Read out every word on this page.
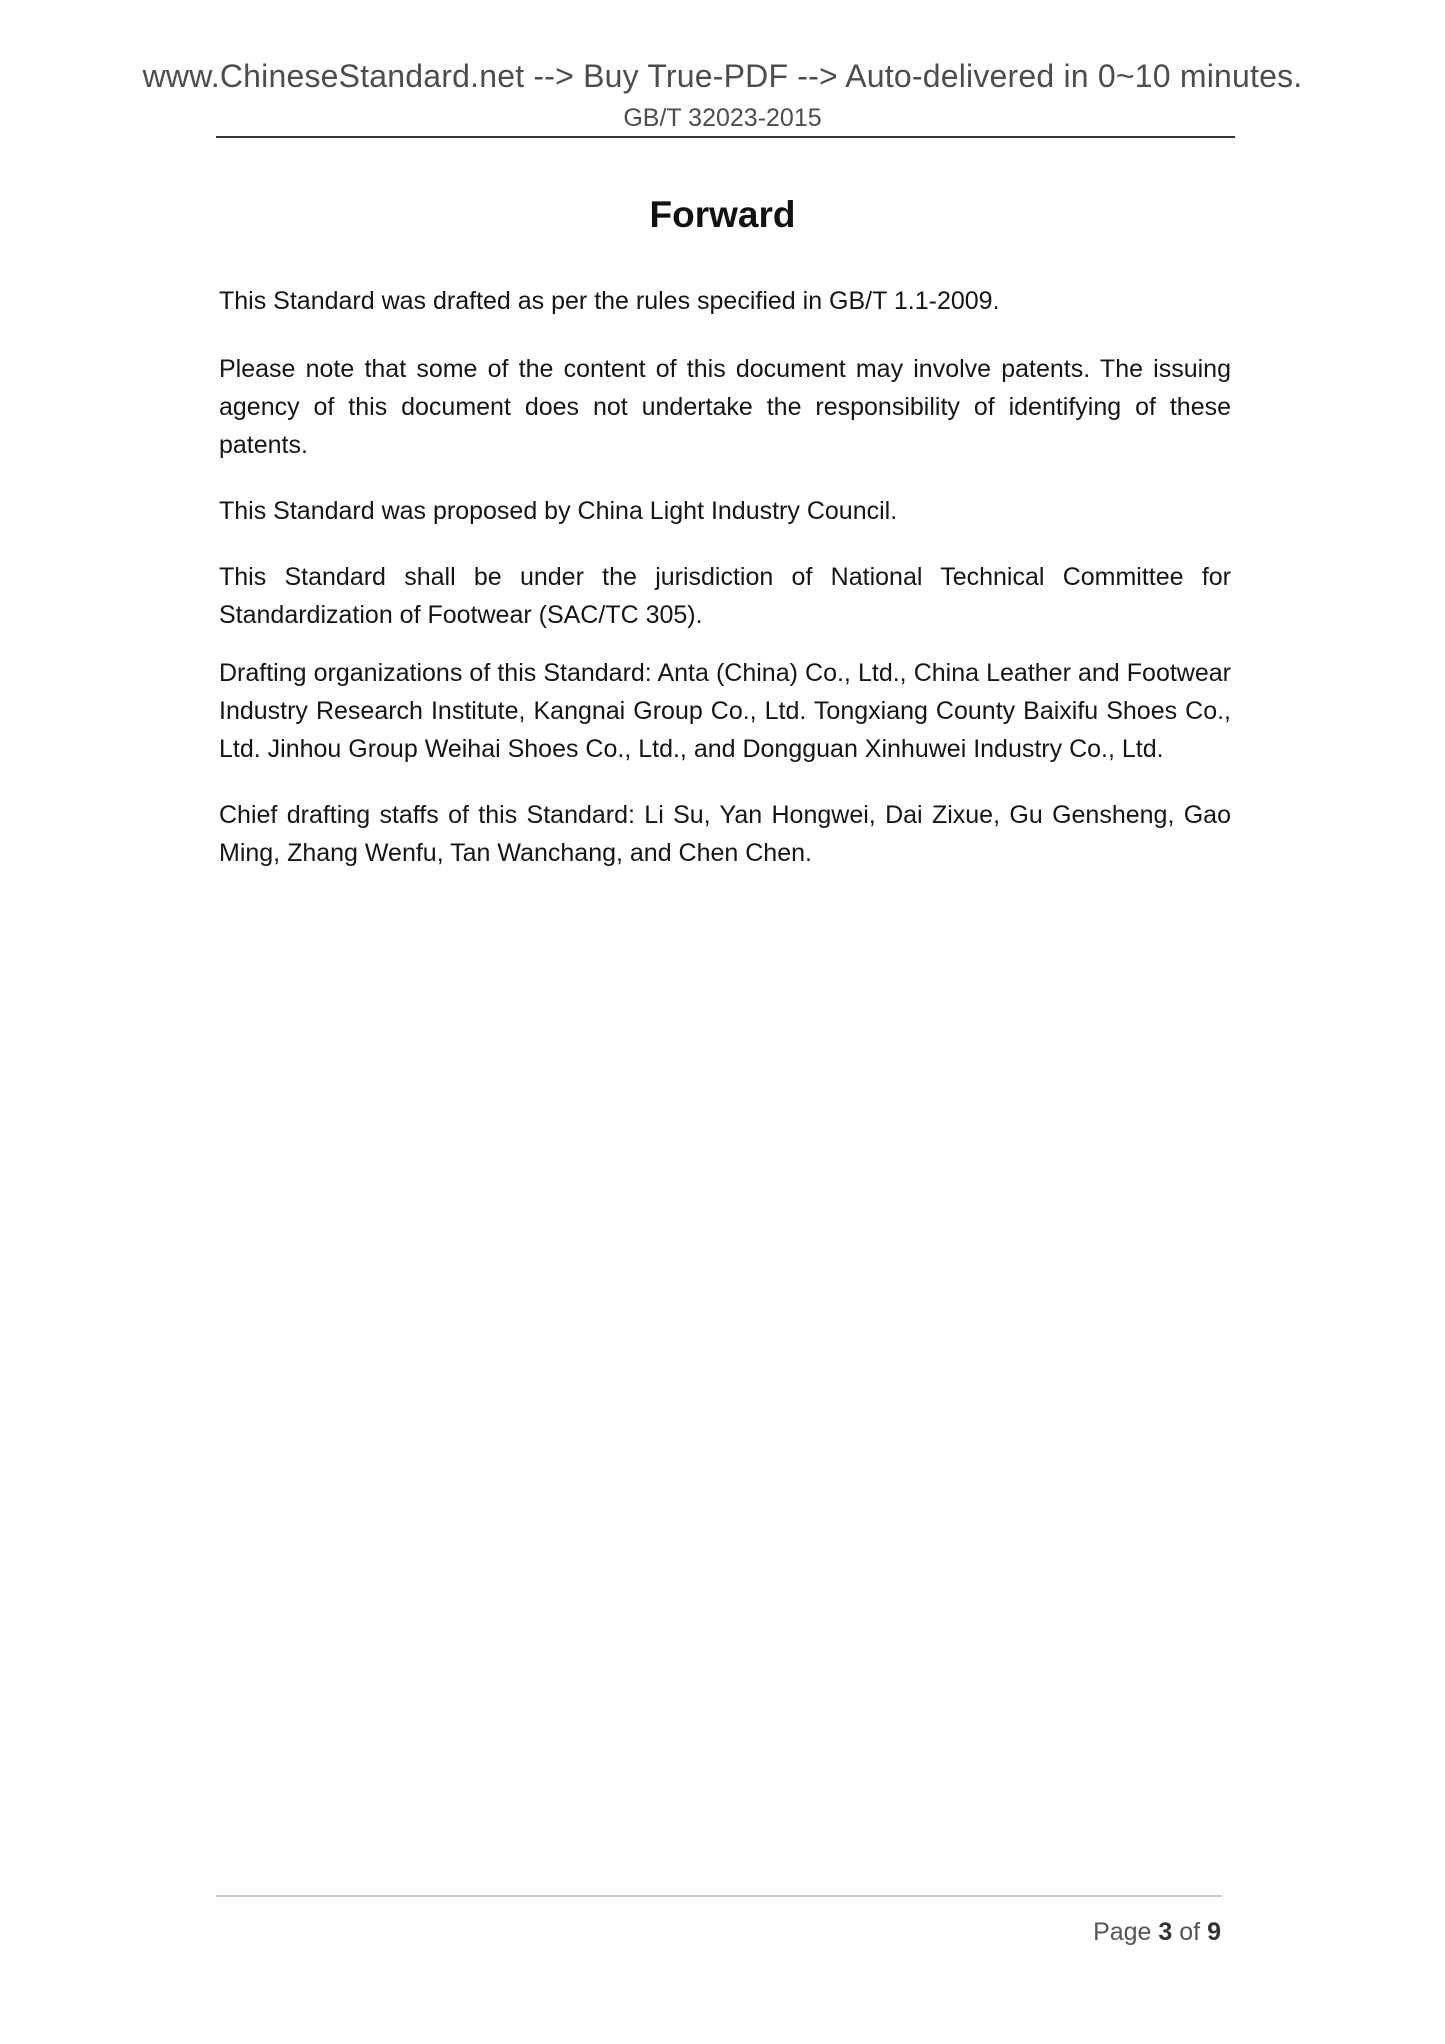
www.ChineseStandard.net --> Buy True-PDF --> Auto-delivered in 0~10 minutes.
GB/T 32023-2015
Forward

This Standard was drafted as per the rules specified in GB/T 1.1-2009.

Please note that some of the content of this document may involve patents. The issuing agency of this document does not undertake the responsibility of identifying of these patents.

This Standard was proposed by China Light Industry Council.

This Standard shall be under the jurisdiction of National Technical Committee for Standardization of Footwear (SAC/TC 305).

Drafting organizations of this Standard: Anta (China) Co., Ltd., China Leather and Footwear Industry Research Institute, Kangnai Group Co., Ltd. Tongxiang County Baixifu Shoes Co., Ltd. Jinhou Group Weihai Shoes Co., Ltd., and Dongguan Xinhuwei Industry Co., Ltd.

Chief drafting staffs of this Standard: Li Su, Yan Hongwei, Dai Zixue, Gu Gensheng, Gao Ming, Zhang Wenfu, Tan Wanchang, and Chen Chen.

Page 3 of 9
